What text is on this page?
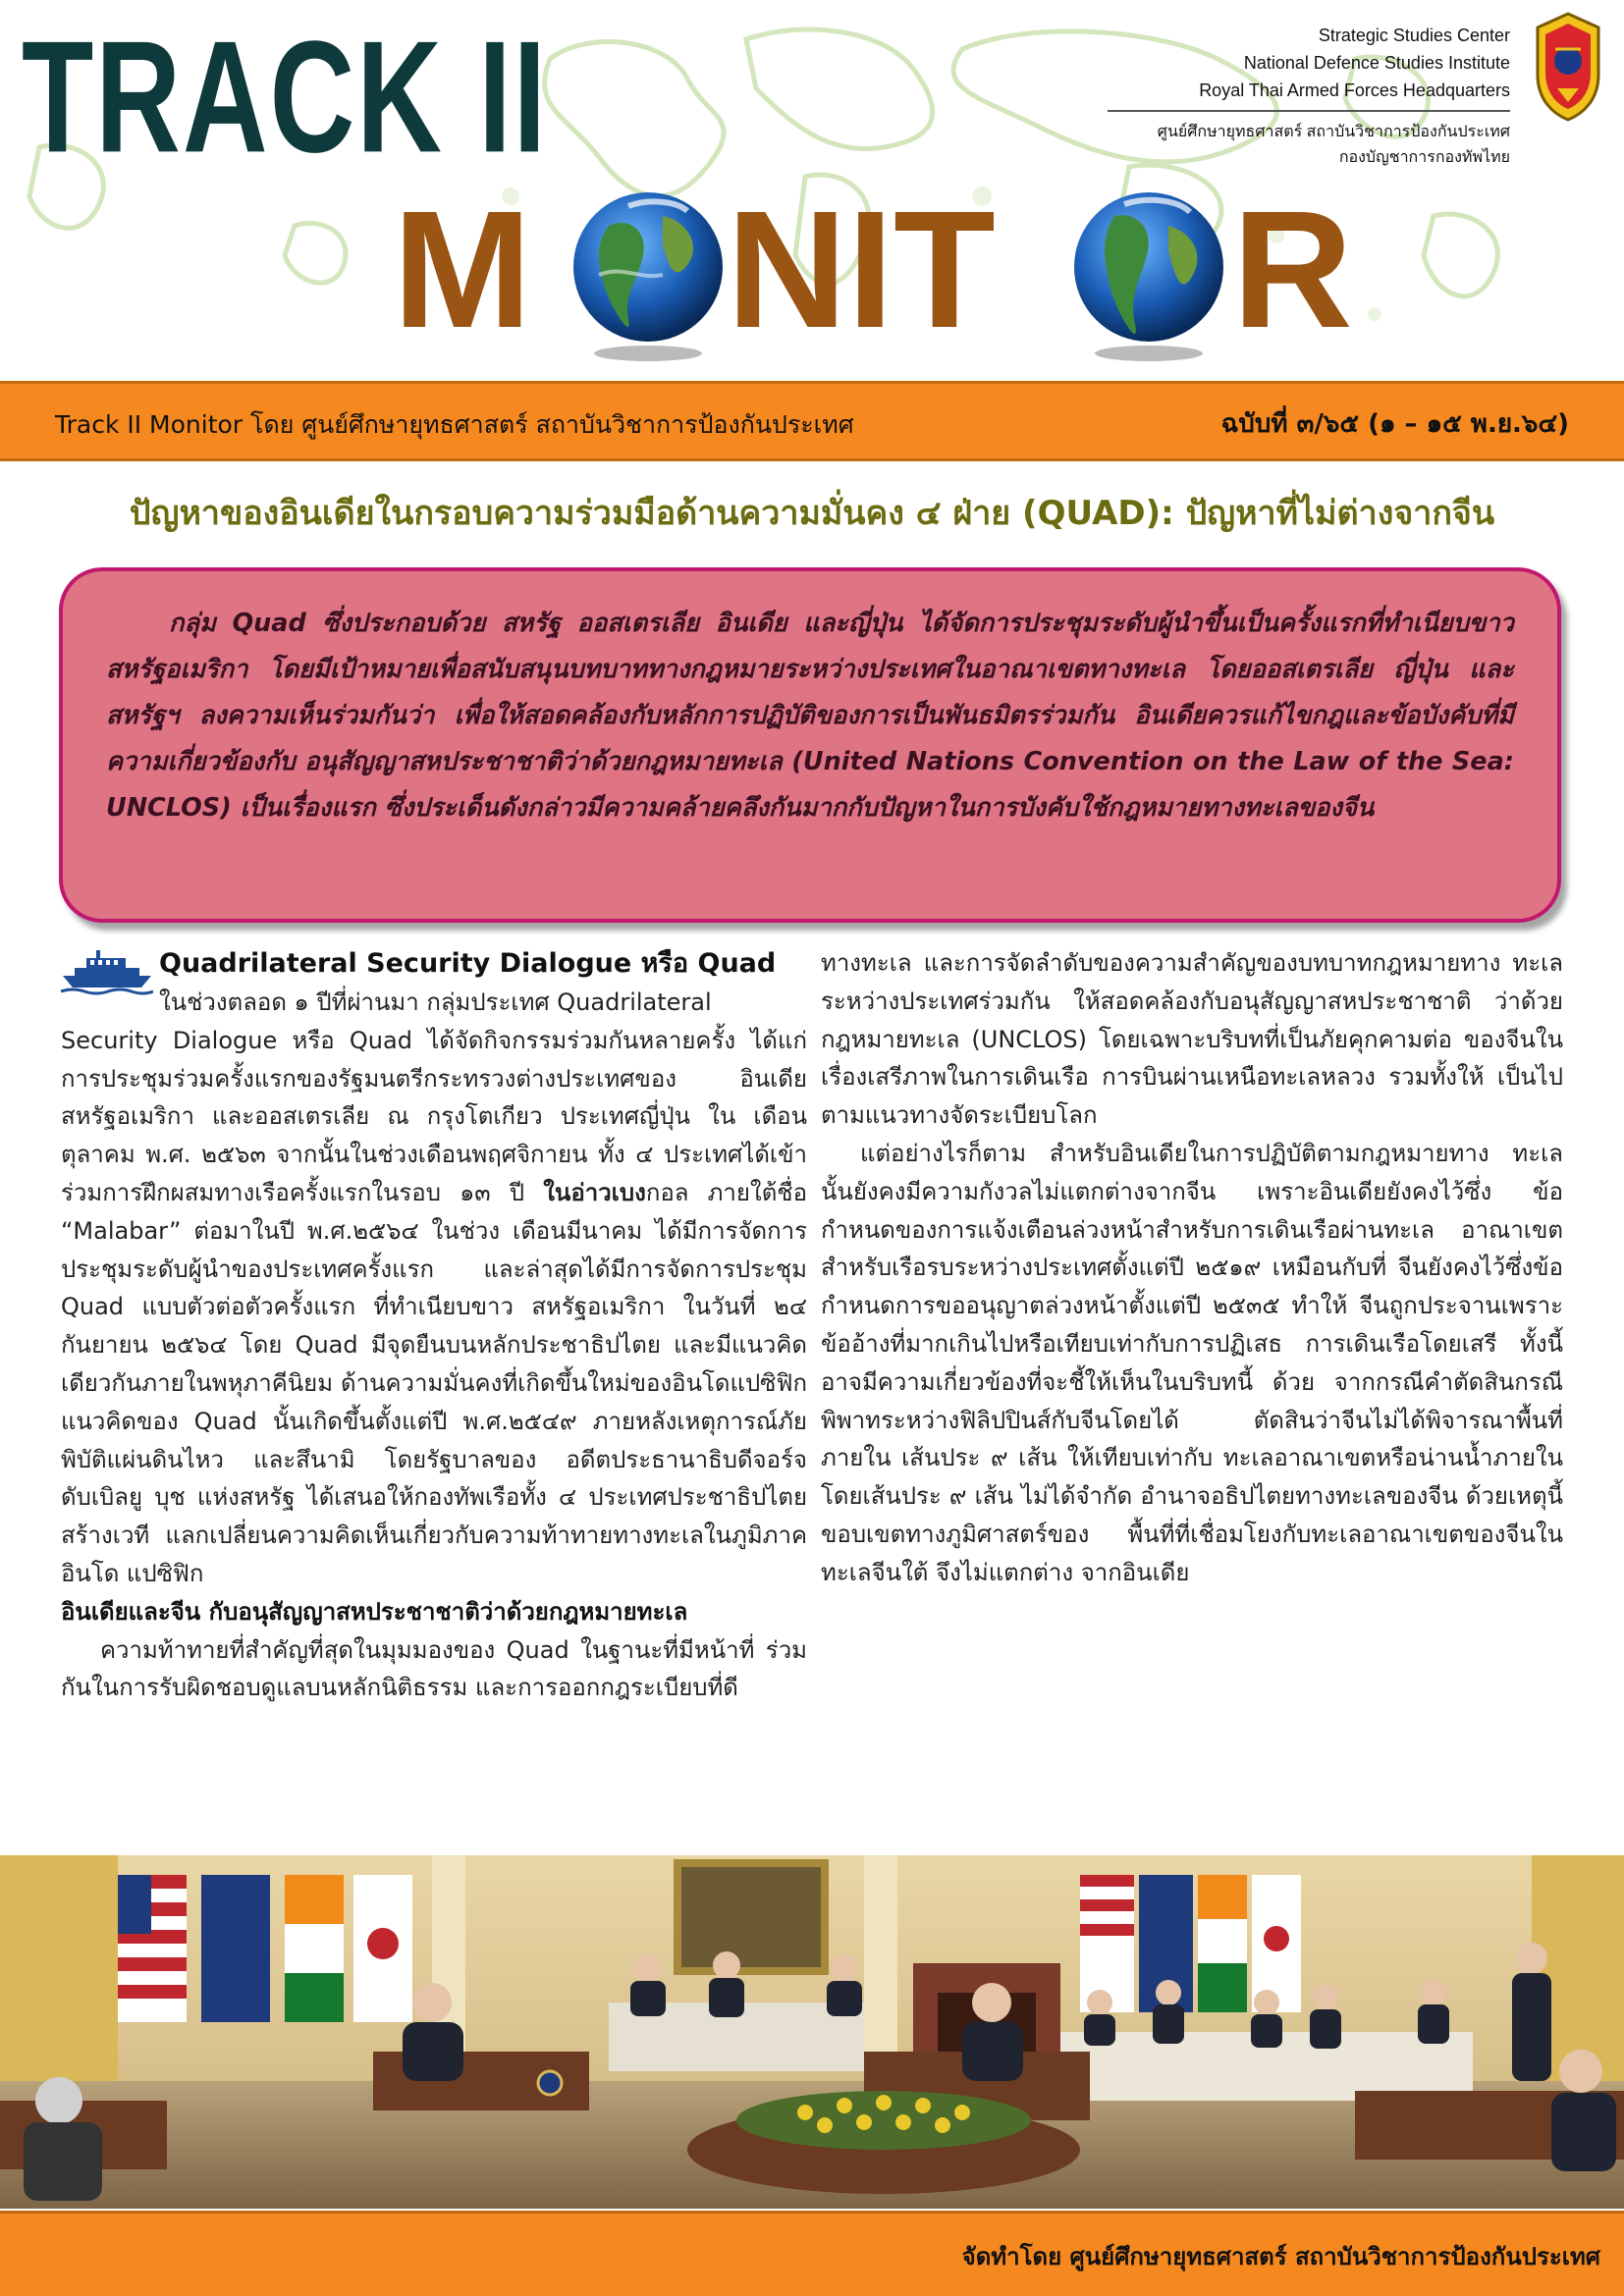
TRACK II
M NIT R
Strategic Studies Center
National Defence Studies Institute
Royal Thai Armed Forces Headquarters
ศูนย์ศึกษายุทธศาสตร์ สถาบันวิชาการป้องกันประเทศ
กองบัญชาการกองทัพไทย
Track II Monitor โดย ศูนย์ศึกษายุทธศาสตร์ สถาบันวิชาการป้องกันประเทศ	ฉบับที่ ๓/๖๕ (๑ – ๑๕ พ.ย.๖๔)
ปัญหาของอินเดียในกรอบความร่วมมือด้านความมั่นคง ๔ ฝ่าย (QUAD): ปัญหาที่ไม่ต่างจากจีน

กลุ่ม Quad ซึ่งประกอบด้วย สหรัฐ ออสเตรเลีย อินเดีย และญี่ปุ่น ได้จัดการประชุมระดับผู้นำขึ้นเป็นครั้งแรกที่ทำเนียบขาวสหรัฐอเมริกา โดยมีเป้าหมายเพื่อสนับสนุนบทบาททางกฎหมายระหว่างประเทศในอาณาเขตทางทะเล โดยออสเตรเลีย ญี่ปุ่น และสหรัฐฯ ลงความเห็นร่วมกันว่า เพื่อให้สอดคล้องกับหลักการปฏิบัติของการเป็นพันธมิตรร่วมกัน อินเดียควรแก้ไขกฎและข้อบังคับที่มีความเกี่ยวข้องกับ อนุสัญญาสหประชาชาติว่าด้วยกฎหมายทะเล (United Nations Convention on the Law of the Sea: UNCLOS) เป็นเรื่องแรก ซึ่งประเด็นดังกล่าวมีความคล้ายคลึงกันมากกับปัญหาในการบังคับใช้กฎหมายทางทะเลของจีน

Quadrilateral Security Dialogue หรือ Quad

ในช่วงตลอด ๑ ปีที่ผ่านมา กลุ่มประเทศ Quadrilateral

Security Dialogue หรือ Quad ได้จัดกิจกรรมร่วมกันหลายครั้ง ได้แก่ การประชุมร่วมครั้งแรกของรัฐมนตรีกระทรวงต่างประเทศของ อินเดีย สหรัฐอเมริกา และออสเตรเลีย ณ กรุงโตเกียว ประเทศญี่ปุ่น ใน เดือนตุลาคม พ.ศ. ๒๕๖๓ จากนั้นในช่วงเดือนพฤศจิกายน ทั้ง ๔ ประเทศได้เข้าร่วมการฝึกผสมทางเรือครั้งแรกในรอบ ๑๓ ปี ในอ่าวเบงกอล ภายใต้ชื่อ “Malabar” ต่อมาในปี พ.ศ.๒๕๖๔ ในช่วง เดือนมีนาคม ได้มีการจัดการประชุมระดับผู้นำของประเทศครั้งแรก และล่าสุดได้มีการจัดการประชุม Quad แบบตัวต่อตัวครั้งแรก ที่ทำเนียบขาว สหรัฐอเมริกา ในวันที่ ๒๔ กันยายน ๒๕๖๔ โดย Quad มีจุดยืนบนหลักประชาธิปไตย และมีแนวคิดเดียวกันภายในพหุภาคีนิยม ด้านความมั่นคงที่เกิดขึ้นใหม่ของอินโดแปซิฟิก แนวคิดของ Quad นั้นเกิดขึ้นตั้งแต่ปี พ.ศ.๒๕๔๙ ภายหลังเหตุการณ์ภัยพิบัติแผ่นดินไหว และสึนามิ โดยรัฐบาลของ อดีตประธานาธิบดีจอร์จ ดับเบิลยู บุช แห่งสหรัฐ ได้เสนอให้กองทัพเรือทั้ง ๔ ประเทศประชาธิปไตย สร้างเวที แลกเปลี่ยนความคิดเห็นเกี่ยวกับความท้าทายทางทะเลในภูมิภาคอินโด แปซิฟิก

อินเดียและจีน กับอนุสัญญาสหประชาชาติว่าด้วยกฎหมายทะเล

ความท้าทายที่สำคัญที่สุดในมุมมองของ Quad ในฐานะที่มีหน้าที่ ร่วมกันในการรับผิดชอบดูแลบนหลักนิติธรรม และการออกกฎระเบียบที่ดี

ทางทะเล และการจัดลำดับของความสำคัญของบทบาทกฎหมายทาง ทะเลระหว่างประเทศร่วมกัน ให้สอดคล้องกับอนุสัญญาสหประชาชาติ ว่าด้วยกฎหมายทะเล (UNCLOS) โดยเฉพาะบริบทที่เป็นภัยคุกคามต่อ ของจีนในเรื่องเสรีภาพในการเดินเรือ การบินผ่านเหนือทะเลหลวง รวมทั้งให้ เป็นไปตามแนวทางจัดระเบียบโลก

แต่อย่างไรก็ตาม สำหรับอินเดียในการปฏิบัติตามกฎหมายทาง ทะเลนั้นยังคงมีความกังวลไม่แตกต่างจากจีน เพราะอินเดียยังคงไว้ซึ่ง ข้อกำหนดของการแจ้งเตือนล่วงหน้าสำหรับการเดินเรือผ่านทะเล อาณาเขตสำหรับเรือรบระหว่างประเทศตั้งแต่ปี ๒๕๑๙ เหมือนกับที่ จีนยังคงไว้ซึ่งข้อกำหนดการขออนุญาตล่วงหน้าตั้งแต่ปี ๒๕๓๕ ทำให้ จีนถูกประจานเพราะข้ออ้างที่มากเกินไปหรือเทียบเท่ากับการปฏิเสธ การเดินเรือโดยเสรี ทั้งนี้อาจมีความเกี่ยวข้องที่จะชี้ให้เห็นในบริบทนี้ ด้วย จากกรณีคำตัดสินกรณีพิพาทระหว่างฟิลิปปินส์กับจีนโดยได้ ตัดสินว่าจีนไม่ได้พิจารณาพื้นที่ภายใน เส้นประ ๙ เส้น ให้เทียบเท่ากับ ทะเลอาณาเขตหรือน่านน้ำภายใน โดยเส้นประ ๙ เส้น ไม่ได้จำกัด อำนาจอธิปไตยทางทะเลของจีน ด้วยเหตุนี้ ขอบเขตทางภูมิศาสตร์ของ พื้นที่ที่เชื่อมโยงกับทะเลอาณาเขตของจีนในทะเลจีนใต้ จึงไม่แตกต่าง จากอินเดีย

จัดทำโดย ศูนย์ศึกษายุทธศาสตร์ สถาบันวิชาการป้องกันประเทศ
